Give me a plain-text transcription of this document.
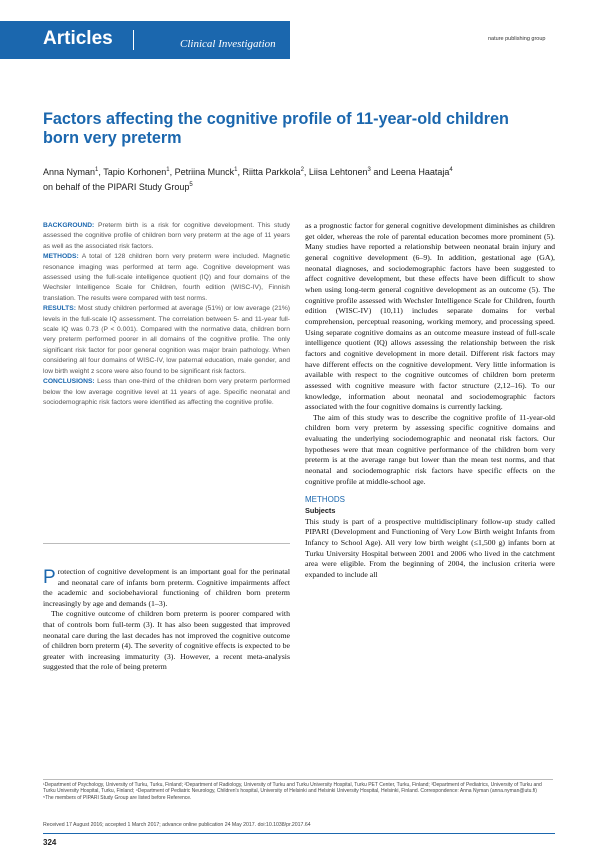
Articles	Clinical Investigation	nature publishing group
Factors affecting the cognitive profile of 11-year-old children born very preterm
Anna Nyman$^1$, Tapio Korhonen$^1$, Petriina Munck$^1$, Riitta Parkkola$^2$, Liisa Lehtonen$^3$ and Leena Haataja$^4$
on behalf of the PIPARI Study Group$^5$

BACKGROUND: Preterm birth is a risk for cognitive development. This study assessed the cognitive profile of children born very preterm at the age of 11 years as well as the associated risk factors.

METHODS: A total of 128 children born very preterm were included. Magnetic resonance imaging was performed at term age. Cognitive development was assessed using the full-scale intelligence quotient (IQ) and four domains of the Wechsler Intelligence Scale for Children, fourth edition (WISC-IV), Finnish translation. The results were compared with test norms.

RESULTS: Most study children performed at average (51%) or low average (21%) levels in the full-scale IQ assessment. The correlation between 5- and 11-year full-scale IQ was 0.73 (P < 0.001). Compared with the normative data, children born very preterm performed poorer in all domains of the cognitive profile. The only significant risk factor for poor general cognition was major brain pathology. When considering all four domains of WISC-IV, low paternal education, male gender, and low birth weight z score were also found to be significant risk factors.

CONCLUSIONS: Less than one-third of the children born very preterm performed below the low average cognitive level at 11 years of age. Specific neonatal and sociodemographic risk factors were identified as affecting the cognitive profile.

Protection of cognitive development is an important goal for the perinatal and neonatal care of infants born preterm. Cognitive impairments affect the academic and sociobehavioral functioning of children born preterm increasingly by age and demands (1–3).

The cognitive outcome of children born preterm is poorer compared with that of controls born full-term (3). It has also been suggested that improved neonatal care during the last decades has not improved the cognitive outcome of children born preterm (4). The severity of cognitive effects is expected to be greater with increasing immaturity (3). However, a recent meta-analysis suggested that the role of being preterm

as a prognostic factor for general cognitive development diminishes as children get older, whereas the role of parental education becomes more prominent (5). Many studies have reported a relationship between neonatal brain injury and general cognitive development (6–9). In addition, gestational age (GA), neonatal diagnoses, and sociodemographic factors have been suggested to affect cognitive development, but these effects have been difficult to show when using long-term general cognitive development as an outcome (5). The cognitive profile assessed with Wechsler Intelligence Scale for Children, fourth edition (WISC-IV) (10,11) includes separate domains for verbal comprehension, perceptual reasoning, working memory, and processing speed. Using separate cognitive domains as an outcome measure instead of full-scale intelligence quotient (IQ) allows assessing the relationship between the risk factors and cognitive development in more detail. Different risk factors may have different effects on the cognitive development. Very little information is available with respect to the cognitive outcomes of children born preterm assessed with cognitive measure with factor structure (2,12–16). To our knowledge, information about neonatal and sociodemographic factors associated with the four cognitive domains is currently lacking.

The aim of this study was to describe the cognitive profile of 11-year-old children born very preterm by assessing specific cognitive domains and evaluating the underlying sociodemographic and neonatal risk factors. Our hypotheses were that mean cognitive performance of the children born very preterm is at the average range but lower than the mean test norms, and that neonatal and sociodemographic risk factors have specific effects on the cognitive profile at middle-school age.

METHODS
Subjects

This study is part of a prospective multidisciplinary follow-up study called PIPARI (Development and Functioning of Very Low Birth weight Infants from Infancy to School Age). All very low birth weight (≤1,500 g) infants born at Turku University Hospital between 2001 and 2006 who lived in the catchment area were eligible. From the beginning of 2004, the inclusion criteria were expanded to include all

¹Department of Psychology, University of Turku, Turku, Finland; ²Department of Radiology, University of Turku and Turku University Hospital, Turku PET Center, Turku, Finland; ³Department of Pediatrics, University of Turku and Turku University Hospital, Turku, Finland; ⁴Department of Pediatric Neurology, Children's hospital, University of Helsinki and Helsinki University Hospital, Helsinki, Finland. Correspondence: Anna Nyman (anna.nyman@utu.fi)
⁵The members of PIPARI Study Group are listed before Reference.
Received 17 August 2016; accepted 1 March 2017; advance online publication 24 May 2017. doi:10.1038/pr.2017.64
324
